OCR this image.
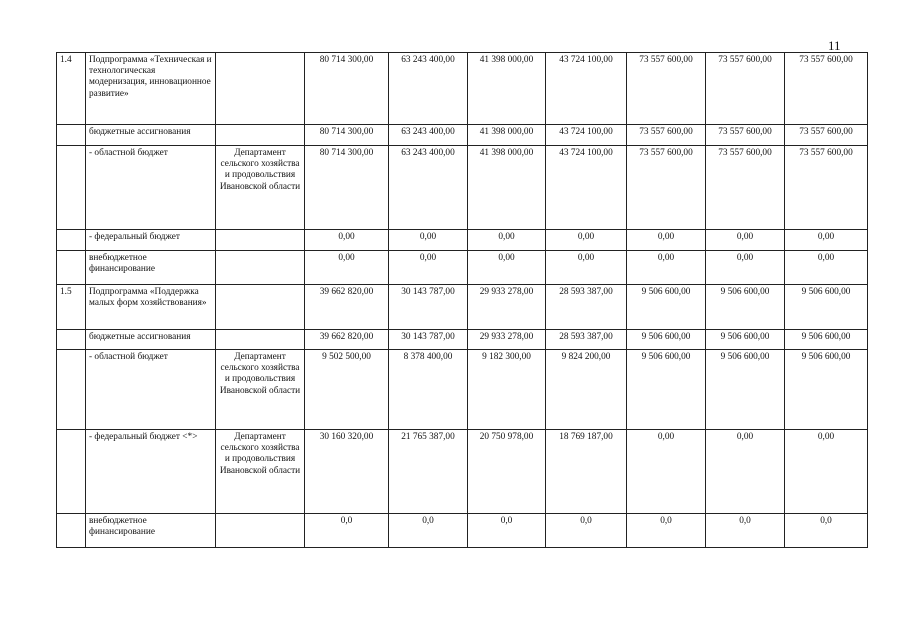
11
1.4	Подпрограмма «Техническая и технологическая модернизация, инновационное развитие»		80 714 300,00	63 243 400,00	41 398 000,00	43 724 100,00	73 557 600,00	73 557 600,00	73 557 600,00
	бюджетные ассигнования		80 714 300,00	63 243 400,00	41 398 000,00	43 724 100,00	73 557 600,00	73 557 600,00	73 557 600,00
	- областной бюджет	Департамент сельского хозяйства и продовольствия Ивановской области	80 714 300,00	63 243 400,00	41 398 000,00	43 724 100,00	73 557 600,00	73 557 600,00	73 557 600,00
	- федеральный бюджет		0,00	0,00	0,00	0,00	0,00	0,00	0,00
	внебюджетное финансирование		0,00	0,00	0,00	0,00	0,00	0,00	0,00
1.5	Подпрограмма «Поддержка малых форм хозяйствования»		39 662 820,00	30 143 787,00	29 933 278,00	28 593 387,00	9 506 600,00	9 506 600,00	9 506 600,00
	бюджетные ассигнования		39 662 820,00	30 143 787,00	29 933 278,00	28 593 387,00	9 506 600,00	9 506 600,00	9 506 600,00
	- областной бюджет	Департамент сельского хозяйства и продовольствия Ивановской области	9 502 500,00	8 378 400,00	9 182 300,00	9 824 200,00	9 506 600,00	9 506 600,00	9 506 600,00
	- федеральный бюджет <*>	Департамент сельского хозяйства и продовольствия Ивановской области	30 160 320,00	21 765 387,00	20 750 978,00	18 769 187,00	0,00	0,00	0,00
	внебюджетное финансирование		0,0	0,0	0,0	0,0	0,0	0,0	0,0
